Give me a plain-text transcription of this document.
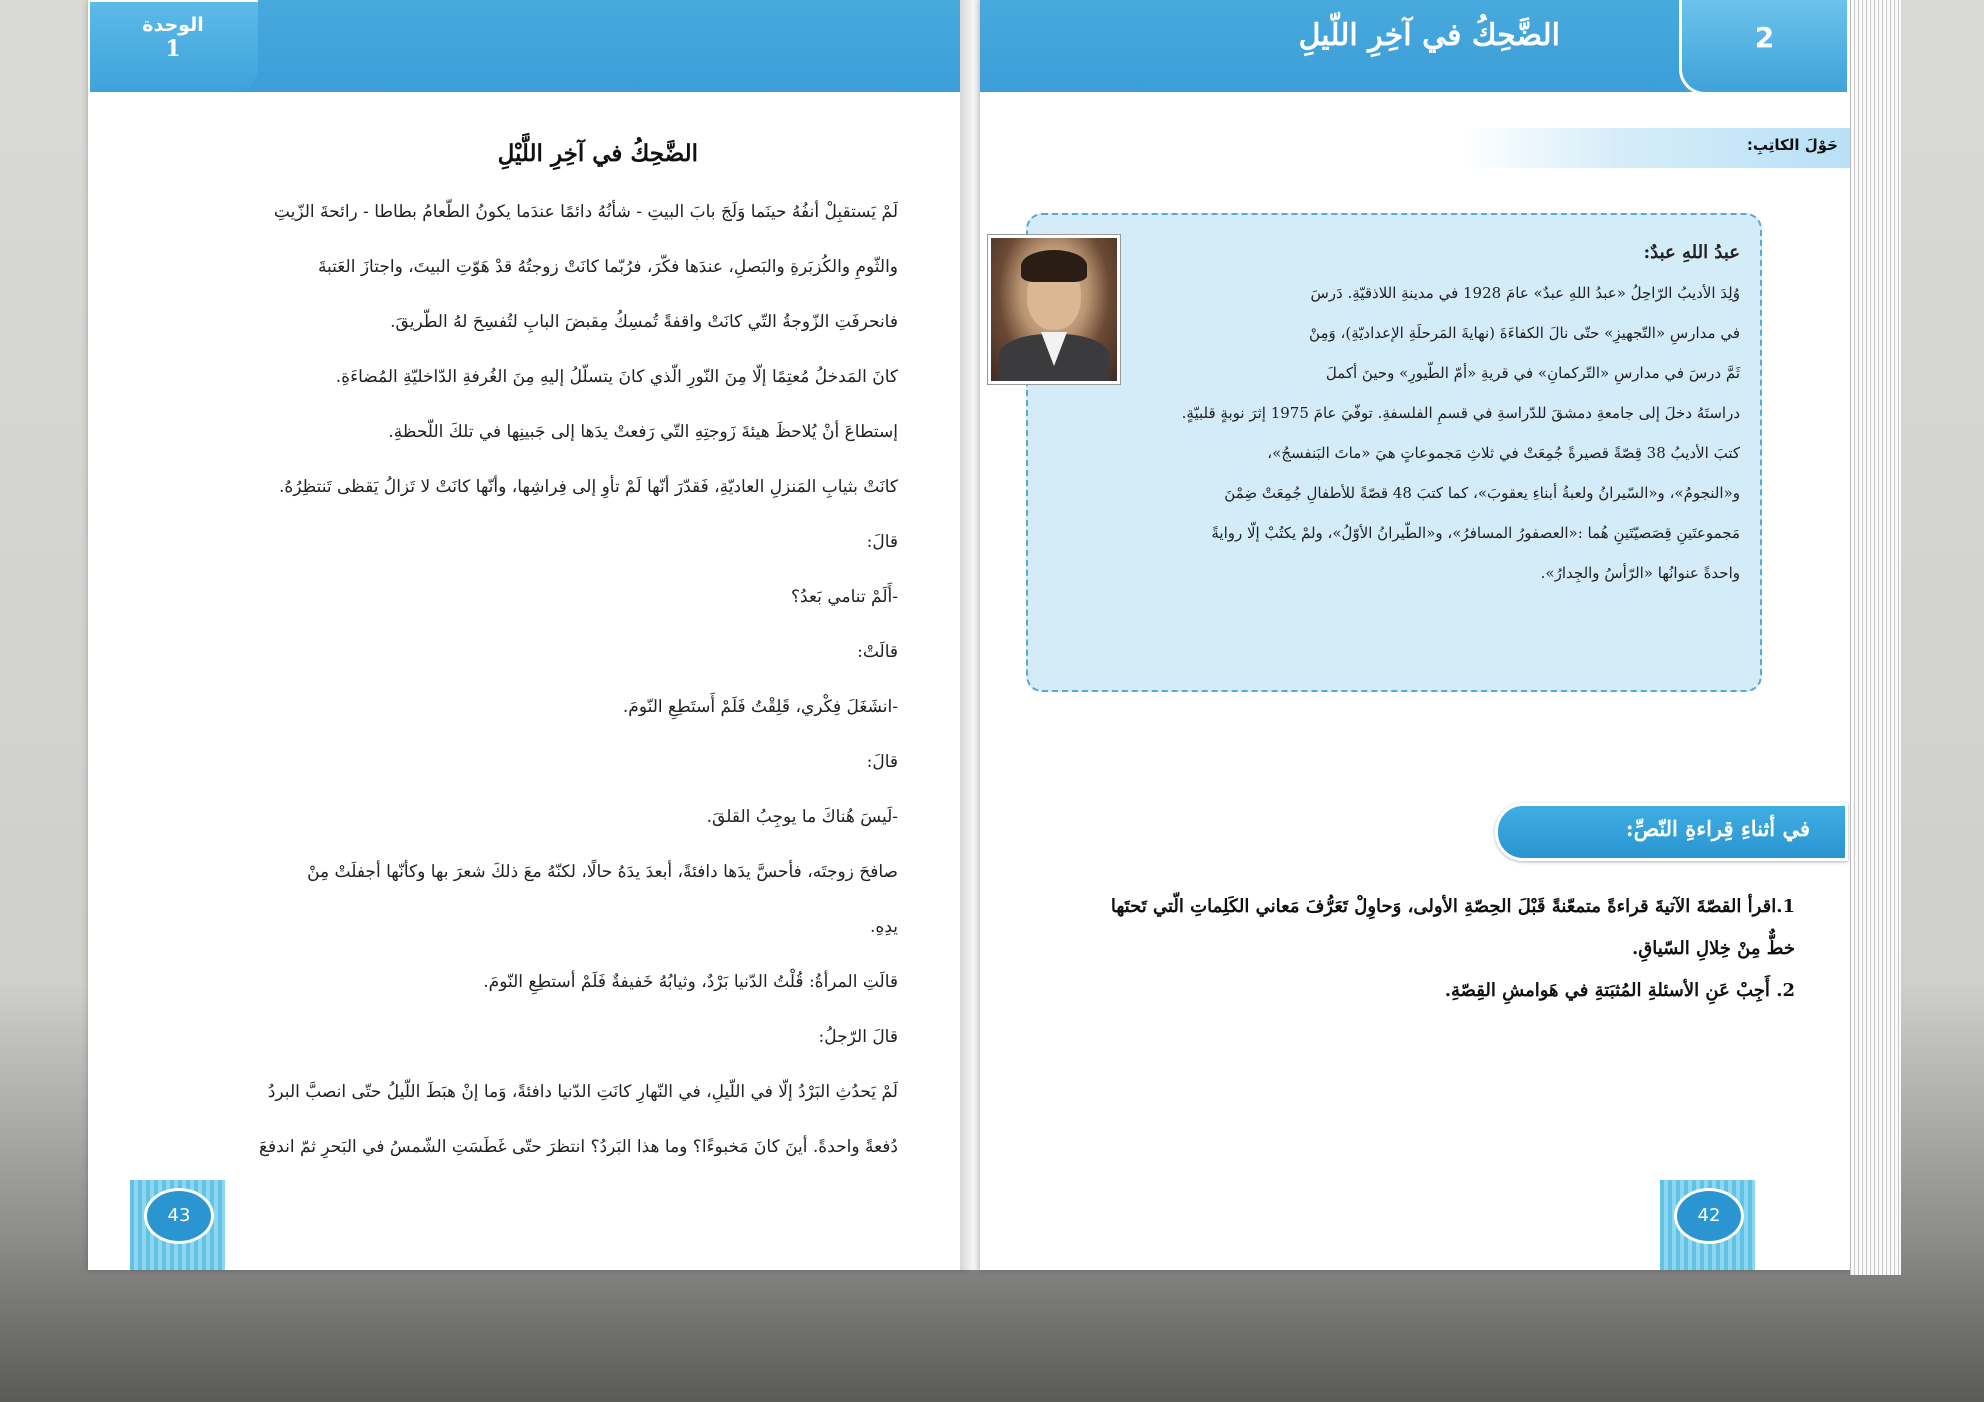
الوحدة
1
الضَّحِكُ في آخِرِ اللَّيْلِ
لَمْ يَستقبِلْ أنفُهُ حينَما وَلَجَ بابَ البيتِ - شأنُهُ دائمًا عندَما يكونُ الطّعامُ بطاطا - رائحةَ الزّيتِ
والثّومِ والكُزبَرةِ والبَصلِ، عندَها فكّرَ، فرُبّما كانَتْ زوجتُهُ قدْ هَوّتِ البيتَ، واجتازَ العَتبةَ
فانحرفَتِ الزّوجةُ التّي كانَتْ واقفةً تُمسِكُ مِقبضَ البابِ لتُفسِحَ لهُ الطّريقَ.
كانَ المَدخلُ مُعتِمًا إلّا مِنَ النّورِ الّذي كانَ يتسلّلُ إليهِ مِنَ الغُرفةِ الدّاخليّةِ المُضاءَةِ.
إستطاعَ أنْ يُلاحظَ هيئةَ زَوجتِهِ التّي رَفعتْ يدَها إلى جَبينِها في تلكَ اللّحظةِ.
كانَتْ بثيابِ المَنزلِ العاديّةِ، فَقدّرَ أنّها لَمْ تأوِ إلى فِراشِها، وأنّها كانَتْ لا تَزالُ يَقظى تَنتظِرُهُ.
قالَ:
-أَلَمْ تنامي بَعدُ؟
قالَتْ:
-انشَغَلَ فِكْري، قَلِقْتُ فَلَمْ أَستَطِعِ النّومَ.
قالَ:
-لَيسَ هُناكَ ما يوجِبُ القلقَ.
صافحَ زوجتَه، فأحسَّ يدَها دافئةً، أبعدَ يدَهُ حالًا، لكنّهُ معَ ذلكَ شعرَ بها وكأنّها أجفلَتْ مِنْ
يدِهِ.
قالَتِ المرأةُ: قُلْتُ الدّنيا بَرْدٌ، وثيابُهُ خَفيفةٌ فَلَمْ أستطِعِ النّومَ.
قالَ الرّجلُ:
لَمْ يَحدُثِ البَرْدُ إلّا في اللّيلِ، في النّهارِ كانَتِ الدّنيا دافئةً، وَما إنْ هبَطَ اللّيلُ حتّى انصبَّ البردُ
دُفعةً واحدةً. أينَ كانَ مَخبوءًا؟ وما هذا البَردُ؟ انتظرَ حتّى غَطَسَتِ الشّمسُ في البَحرِ ثمّ اندفعَ
43
الضَّحِكُ في آخِرِ اللّيلِ	2
حَوْلَ الكاتِبِ:
عبدُ اللهِ عبدٌ:
وُلِدَ الأديبُ الرّاحِلُ «عبدُ اللهِ عبدٌ» عامَ 1928 في مدينةِ اللاذقيّةِ. دَرسَ
في مدارسِ «التّجهيزِ» حتّى نالَ الكفاءَةَ (نهايةَ المَرحلَةِ الإعداديّةِ)، وَمِنْ
ثَمَّ درسَ في مدارسِ «التّركمانِ» في قريةِ «أمّ الطّيورِ» وحينَ أكملَ
دراستَهُ دخلَ إلى جامعةِ دمشقَ للدّراسةِ في قسمِ الفلسفةِ. توفّيَ عامَ 1975 إثرَ نوبةٍ قلبيّةٍ.
كتبَ الأديبُ 38 قِصّةً قصيرةً جُمِعَتْ في ثلاثِ مَجموعاتٍ هيَ «ماتَ البَنفسجُ»،
و«النجومُ»، و«السّيرانُ ولعبةُ أبناءِ يعقوبَ»، كما كتبَ 48 قصّةً للأطفالِ جُمِعَتْ ضِمْنَ
مَجموعتَينِ قِصَصيّتَينِ هُما :«العصفورُ المسافرُ»، و«الطّيرانُ الأوّلُ»، ولمْ يكتُبْ إلّا روايةً
واحدةً عنوانُها «الرّأسُ والجِدارُ».
في أثناءِ قِراءةِ النّصِّ:
1.اقرأ القصّةَ الآتيةَ قراءةً متمعّنةً قَبْلَ الحِصّةِ الأولى، وَحاوِلْ تَعَرُّفَ مَعاني الكَلِماتِ الّتي تَحتَها
خطٌّ مِنْ خِلالِ السّياقِ.
2. أَجِبْ عَنِ الأسئلةِ المُثبَتةِ في هَوامشِ القِصّةِ.
42
